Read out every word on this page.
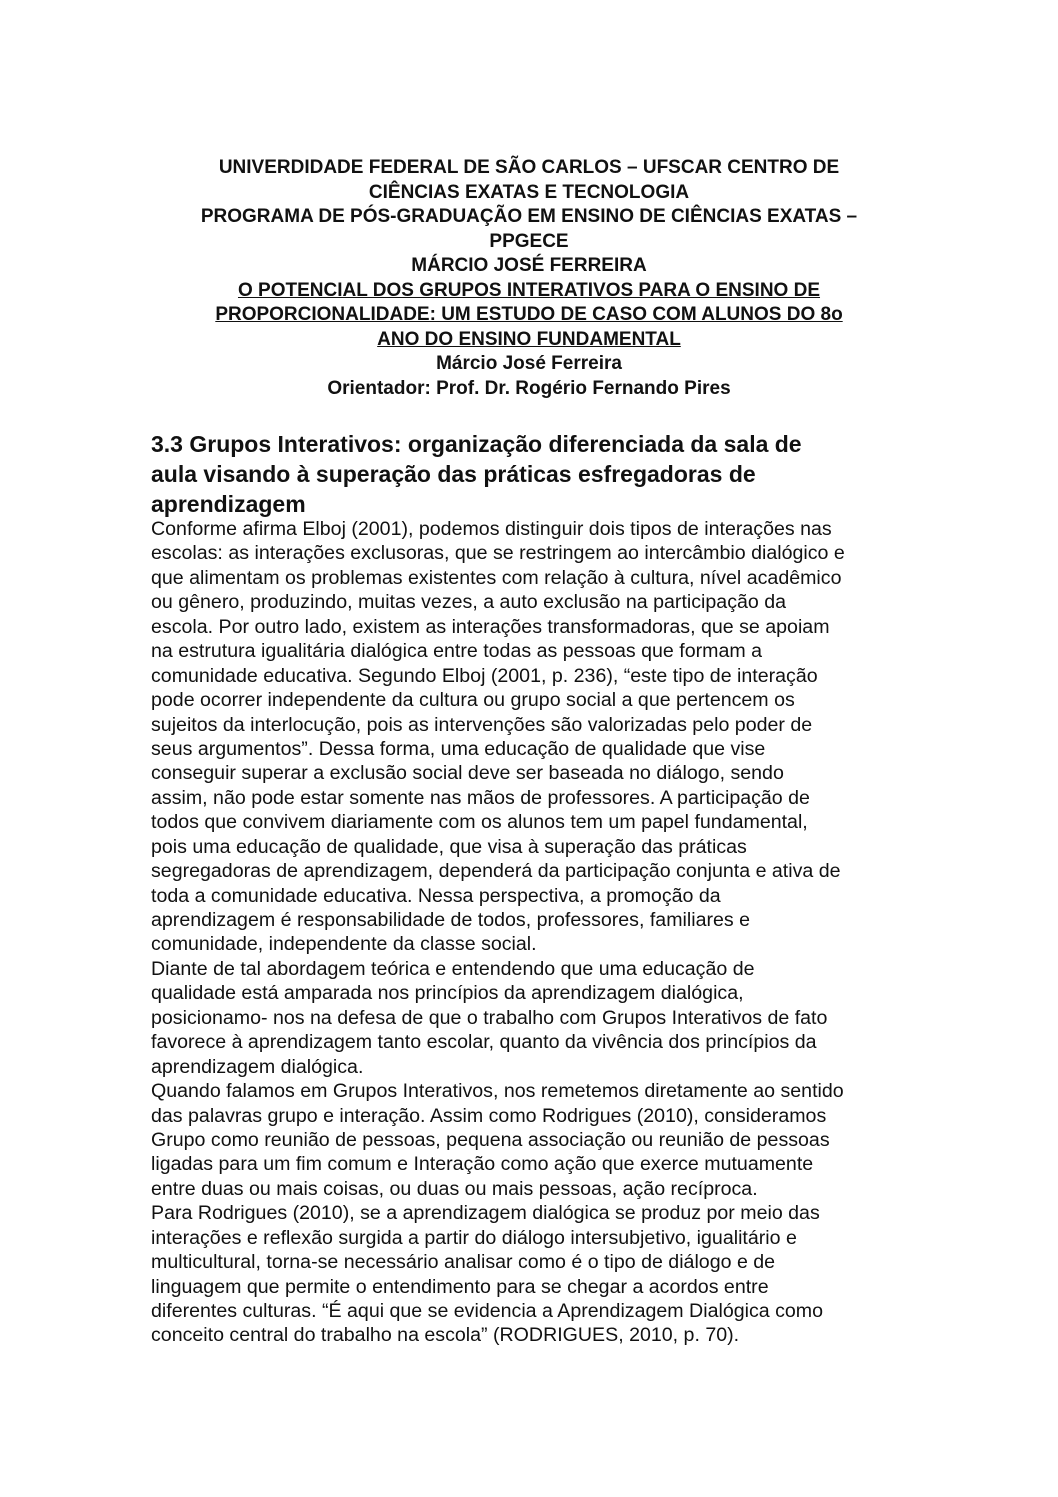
UNIVERDIDADE FEDERAL DE SÃO CARLOS – UFSCAR CENTRO DE
CIÊNCIAS EXATAS E TECNOLOGIA
PROGRAMA DE PÓS-GRADUAÇÃO EM ENSINO DE CIÊNCIAS EXATAS –
PPGECE
MÁRCIO JOSÉ FERREIRA
O POTENCIAL DOS GRUPOS INTERATIVOS PARA O ENSINO DE
PROPORCIONALIDADE: UM ESTUDO DE CASO COM ALUNOS DO 8o
ANO DO ENSINO FUNDAMENTAL
Márcio José Ferreira
Orientador: Prof. Dr. Rogério Fernando Pires
3.3 Grupos Interativos: organização diferenciada da sala de
aula visando à superação das práticas esfregadoras de
aprendizagem
Conforme afirma Elboj (2001), podemos distinguir dois tipos de interações nas
escolas: as interações exclusoras, que se restringem ao intercâmbio dialógico e
que alimentam os problemas existentes com relação à cultura, nível acadêmico
ou gênero, produzindo, muitas vezes, a auto exclusão na participação da
escola. Por outro lado, existem as interações transformadoras, que se apoiam
na estrutura igualitária dialógica entre todas as pessoas que formam a
comunidade educativa. Segundo Elboj (2001, p. 236), “este tipo de interação
pode ocorrer independente da cultura ou grupo social a que pertencem os
sujeitos da interlocução, pois as intervenções são valorizadas pelo poder de
seus argumentos”. Dessa forma, uma educação de qualidade que vise
conseguir superar a exclusão social deve ser baseada no diálogo, sendo
assim, não pode estar somente nas mãos de professores. A participação de
todos que convivem diariamente com os alunos tem um papel fundamental,
pois uma educação de qualidade, que visa à superação das práticas
segregadoras de aprendizagem, dependerá da participação conjunta e ativa de
toda a comunidade educativa. Nessa perspectiva, a promoção da
aprendizagem é responsabilidade de todos, professores, familiares e
comunidade, independente da classe social.
Diante de tal abordagem teórica e entendendo que uma educação de
qualidade está amparada nos princípios da aprendizagem dialógica,
posicionamo- nos na defesa de que o trabalho com Grupos Interativos de fato
favorece à aprendizagem tanto escolar, quanto da vivência dos princípios da
aprendizagem dialógica.
Quando falamos em Grupos Interativos, nos remetemos diretamente ao sentido
das palavras grupo e interação. Assim como Rodrigues (2010), consideramos
Grupo como reunião de pessoas, pequena associação ou reunião de pessoas
ligadas para um fim comum e Interação como ação que exerce mutuamente
entre duas ou mais coisas, ou duas ou mais pessoas, ação recíproca.
Para Rodrigues (2010), se a aprendizagem dialógica se produz por meio das
interações e reflexão surgida a partir do diálogo intersubjetivo, igualitário e
multicultural, torna-se necessário analisar como é o tipo de diálogo e de
linguagem que permite o entendimento para se chegar a acordos entre
diferentes culturas. “É aqui que se evidencia a Aprendizagem Dialógica como
conceito central do trabalho na escola” (RODRIGUES, 2010, p. 70).
